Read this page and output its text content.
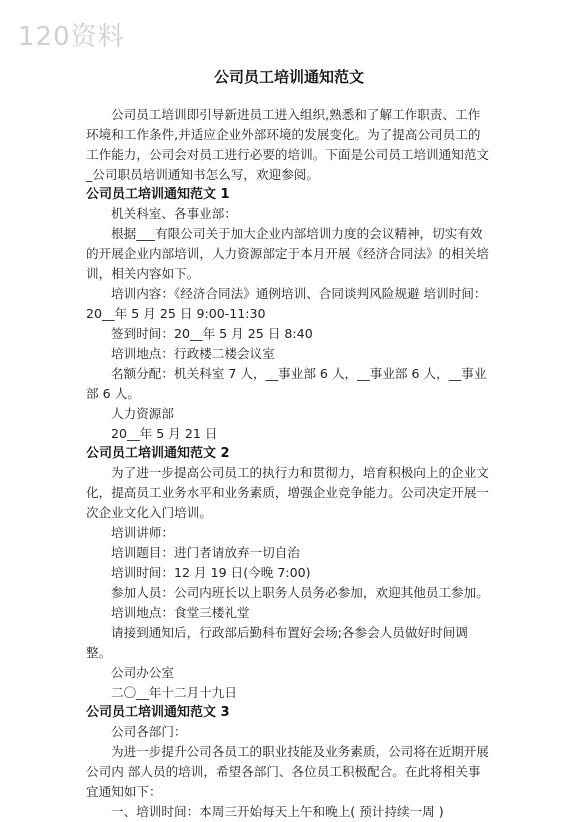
120资料
公司员工培训通知范文

公司员工培训即引导新进员工进入组织,熟悉和了解工作职责、工作环境和工作条件,并适应企业外部环境的发展变化。为了提高公司员工的工作能力，公司会对员工进行必要的培训。下面是公司员工培训通知范文_公司职员培训通知书怎么写，欢迎参阅。

公司员工培训通知范文 1

机关科室、各事业部：

根据___有限公司关于加大企业内部培训力度的会议精神，切实有效的开展企业内部培训，人力资源部定于本月开展《经济合同法》的相关培训，相关内容如下。

培训内容：《经济合同法》通例培训、合同谈判风险规避 培训时间：20__年 5 月 25 日 9:00-11:30

签到时间：20__年 5 月 25 日 8:40

培训地点：行政楼二楼会议室

名额分配：机关科室 7 人，__事业部 6 人，__事业部 6 人，__事业部 6 人。

人力资源部

20__年 5 月 21 日

公司员工培训通知范文 2

为了进一步提高公司员工的执行力和贯彻力，培育积极向上的企业文化，提高员工业务水平和业务素质，增强企业竞争能力。公司决定开展一 次企业文化入门培训。

培训讲师：

培训题目：进门者请放弃一切自治

培训时间：12 月 19 日(今晚 7:00)

参加人员：公司内班长以上职务人员务必参加，欢迎其他员工参加。

培训地点：食堂三楼礼堂

请接到通知后，行政部后勤科布置好会场;各参会人员做好时间调整。

公司办公室

二〇__年十二月十九日

公司员工培训通知范文 3

公司各部门：

为进一步提升公司各员工的职业技能及业务素质，公司将在近期开展公司内 部人员的培训，希望各部门、各位员工积极配合。在此将相关事宜通知如下：

一、培训时间：本周三开始每天上午和晚上( 预计持续一周 )
